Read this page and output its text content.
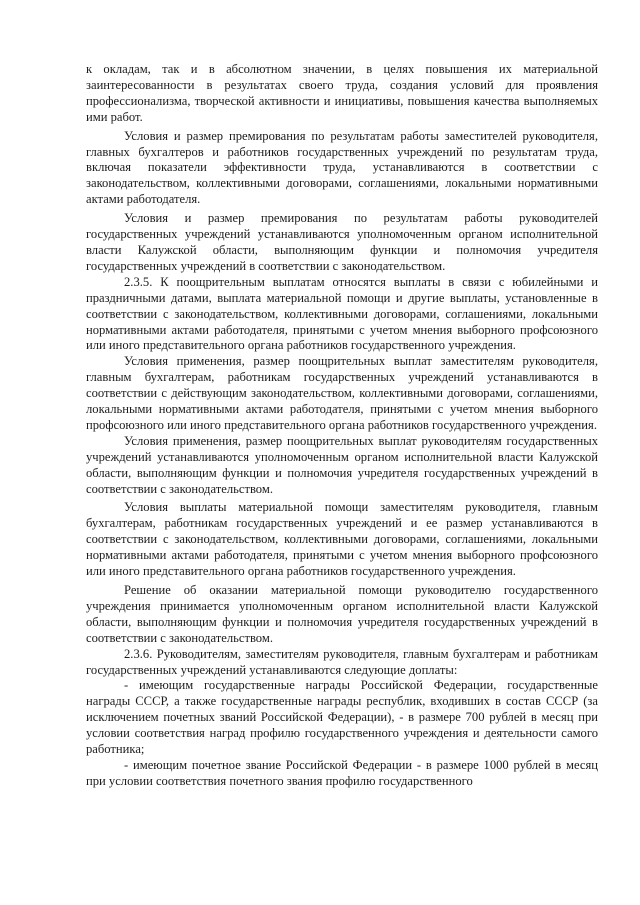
к окладам, так и в абсолютном значении, в целях повышения их материальной заинтересованности в результатах своего труда, создания условий для проявления профессионализма, творческой активности и инициативы, повышения качества выполняемых ими работ.

Условия и размер премирования по результатам работы заместителей руководителя, главных бухгалтеров и работников государственных учреждений по результатам труда, включая показатели эффективности труда, устанавливаются в соответствии с законодательством, коллективными договорами, соглашениями, локальными нормативными актами работодателя.

Условия и размер премирования по результатам работы руководителей государственных учреждений устанавливаются уполномоченным органом исполнительной власти Калужской области, выполняющим функции и полномочия учредителя государственных учреждений в соответствии с законодательством.

2.3.5. К поощрительным выплатам относятся выплаты в связи с юбилейными и праздничными датами, выплата материальной помощи и другие выплаты, установленные в соответствии с законодательством, коллективными договорами, соглашениями, локальными нормативными актами работодателя, принятыми с учетом мнения выборного профсоюзного или иного представительного органа работников государственного учреждения.

Условия применения, размер поощрительных выплат заместителям руководителя, главным бухгалтерам, работникам государственных учреждений устанавливаются в соответствии с действующим законодательством, коллективными договорами, соглашениями, локальными нормативными актами работодателя, принятыми с учетом мнения выборного профсоюзного или иного представительного органа работников государственного учреждения.

Условия применения, размер поощрительных выплат руководителям государственных учреждений устанавливаются уполномоченным органом исполнительной власти Калужской области, выполняющим функции и полномочия учредителя государственных учреждений в соответствии с законодательством.

Условия выплаты материальной помощи заместителям руководителя, главным бухгалтерам, работникам государственных учреждений и ее размер устанавливаются в соответствии с законодательством, коллективными договорами, соглашениями, локальными нормативными актами работодателя, принятыми с учетом мнения выборного профсоюзного или иного представительного органа работников государственного учреждения.

Решение об оказании материальной помощи руководителю государственного учреждения принимается уполномоченным органом исполнительной власти Калужской области, выполняющим функции и полномочия учредителя государственных учреждений в соответствии с законодательством.

2.3.6. Руководителям, заместителям руководителя, главным бухгалтерам и работникам государственных учреждений устанавливаются следующие доплаты:

- имеющим государственные награды Российской Федерации, государственные награды СССР, а также государственные награды республик, входивших в состав СССР (за исключением почетных званий Российской Федерации), - в размере 700 рублей в месяц при условии соответствия наград профилю государственного учреждения и деятельности самого работника;

- имеющим почетное звание Российской Федерации - в размере 1000 рублей в месяц при условии соответствия почетного звания профилю государственного
